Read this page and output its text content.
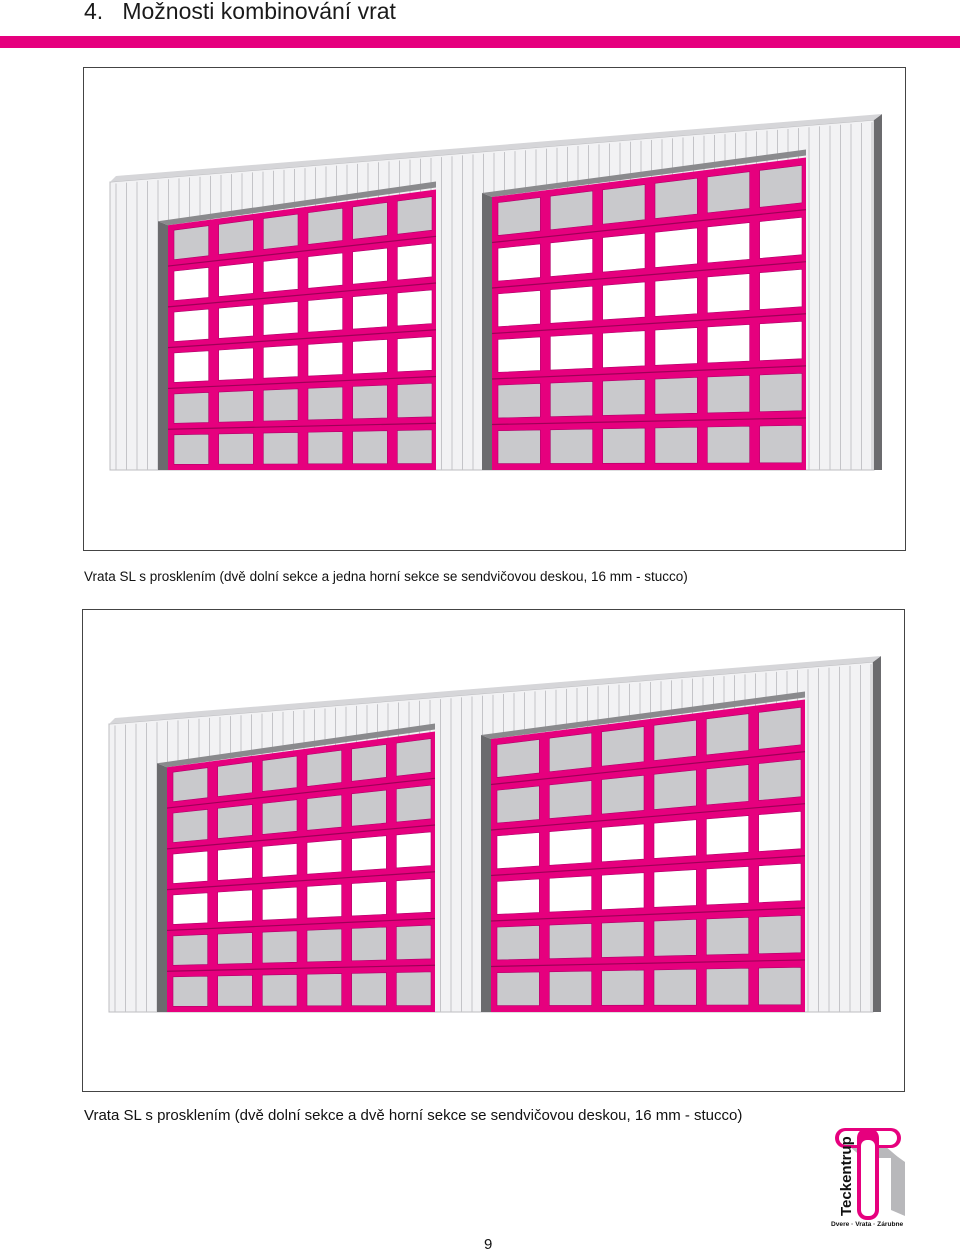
4.   Možnosti kombinování vrat
Vrata SL s prosklením (dvě dolní sekce a jedna horní sekce se sendvičovou deskou, 16 mm - stucco)
Vrata SL s prosklením (dvě dolní sekce a dvě horní sekce se sendvičovou deskou, 16 mm - stucco)
Teckentrup
Dvere · Vrata · Zárubne
9
